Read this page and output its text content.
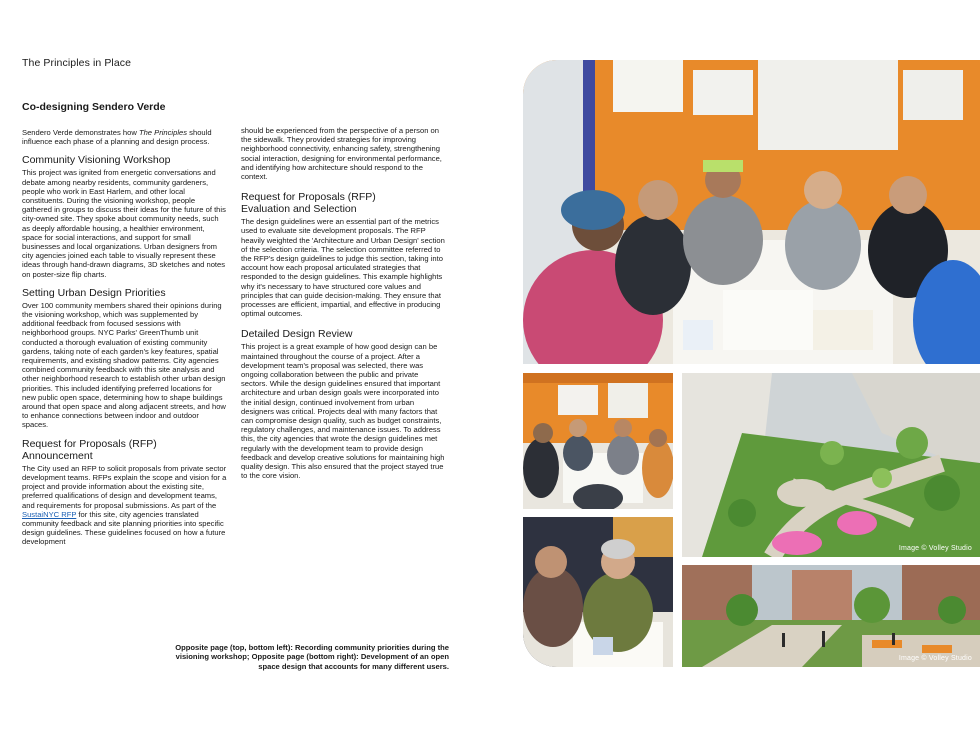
The Principles in Place
Co-designing Sendero Verde

Sendero Verde demonstrates how The Principles should influence each phase of a planning and design process.

Community Visioning Workshop

This project was ignited from energetic conversations and debate among nearby residents, community gardeners, people who work in East Harlem, and other local constituents. During the visioning workshop, people gathered in groups to discuss their ideas for the future of this city-owned site. They spoke about community needs, such as deeply affordable housing, a healthier environment, space for social interactions, and support for small businesses and local organizations. Urban designers from city agencies joined each table to visually represent these ideas through hand-drawn diagrams, 3D sketches and notes on poster-size flip charts.

Setting Urban Design Priorities

Over 100 community members shared their opinions during the visioning workshop, which was supplemented by additional feedback from focused sessions with neighborhood groups. NYC Parks' GreenThumb unit conducted a thorough evaluation of existing community gardens, taking note of each garden's key features, spatial requirements, and existing shadow patterns. City agencies combined community feedback with this site analysis and other neighborhood research to establish other urban design priorities. This included identifying preferred locations for new public open space, determining how to shape buildings around that open space and along adjacent streets, and how to enhance connections between indoor and outdoor spaces.

Request for Proposals (RFP)
Announcement

The City used an RFP to solicit proposals from private sector development teams. RFPs explain the scope and vision for a project and provide information about the existing site, preferred qualifications of design and development teams, and requirements for proposal submissions. As part of the SustaiNYC RFP for this site, city agencies translated community feedback and site planning priorities into specific design guidelines. These guidelines focused on how a future development

should be experienced from the perspective of a person on the sidewalk. They provided strategies for improving neighborhood connectivity, enhancing safety, strengthening social interaction, designing for environmental performance, and identifying how architecture should respond to the context.

Request for Proposals (RFP)
Evaluation and Selection

The design guidelines were an essential part of the metrics used to evaluate site development proposals. The RFP heavily weighted the 'Architecture and Urban Design' section of the selection criteria. The selection committee referred to the RFP's design guidelines to judge this section, taking into account how each proposal articulated strategies that responded to the design guidelines. This example highlights why it's necessary to have structured core values and principles that can guide decision-making. They ensure that processes are efficient, impartial, and effective in producing optimal outcomes.

Detailed Design Review

This project is a great example of how good design can be maintained throughout the course of a project. After a development team's proposal was selected, there was ongoing collaboration between the public and private sectors. While the design guidelines ensured that important architecture and urban design goals were incorporated into the initial design, continued involvement from urban designers was critical. Projects deal with many factors that can compromise design quality, such as budget constraints, regulatory challenges, and maintenance issues. To address this, the city agencies that wrote the design guidelines met regularly with the development team to provide design feedback and develop creative solutions for maintaining high quality design. This also ensured that the project stayed true to the core vision.

Opposite page (top, bottom left): Recording community priorities during the visioning workshop; Opposite page (bottom right): Development of an open space design that accounts for many different users.
Image © Volley Studio
Image © Volley Studio
